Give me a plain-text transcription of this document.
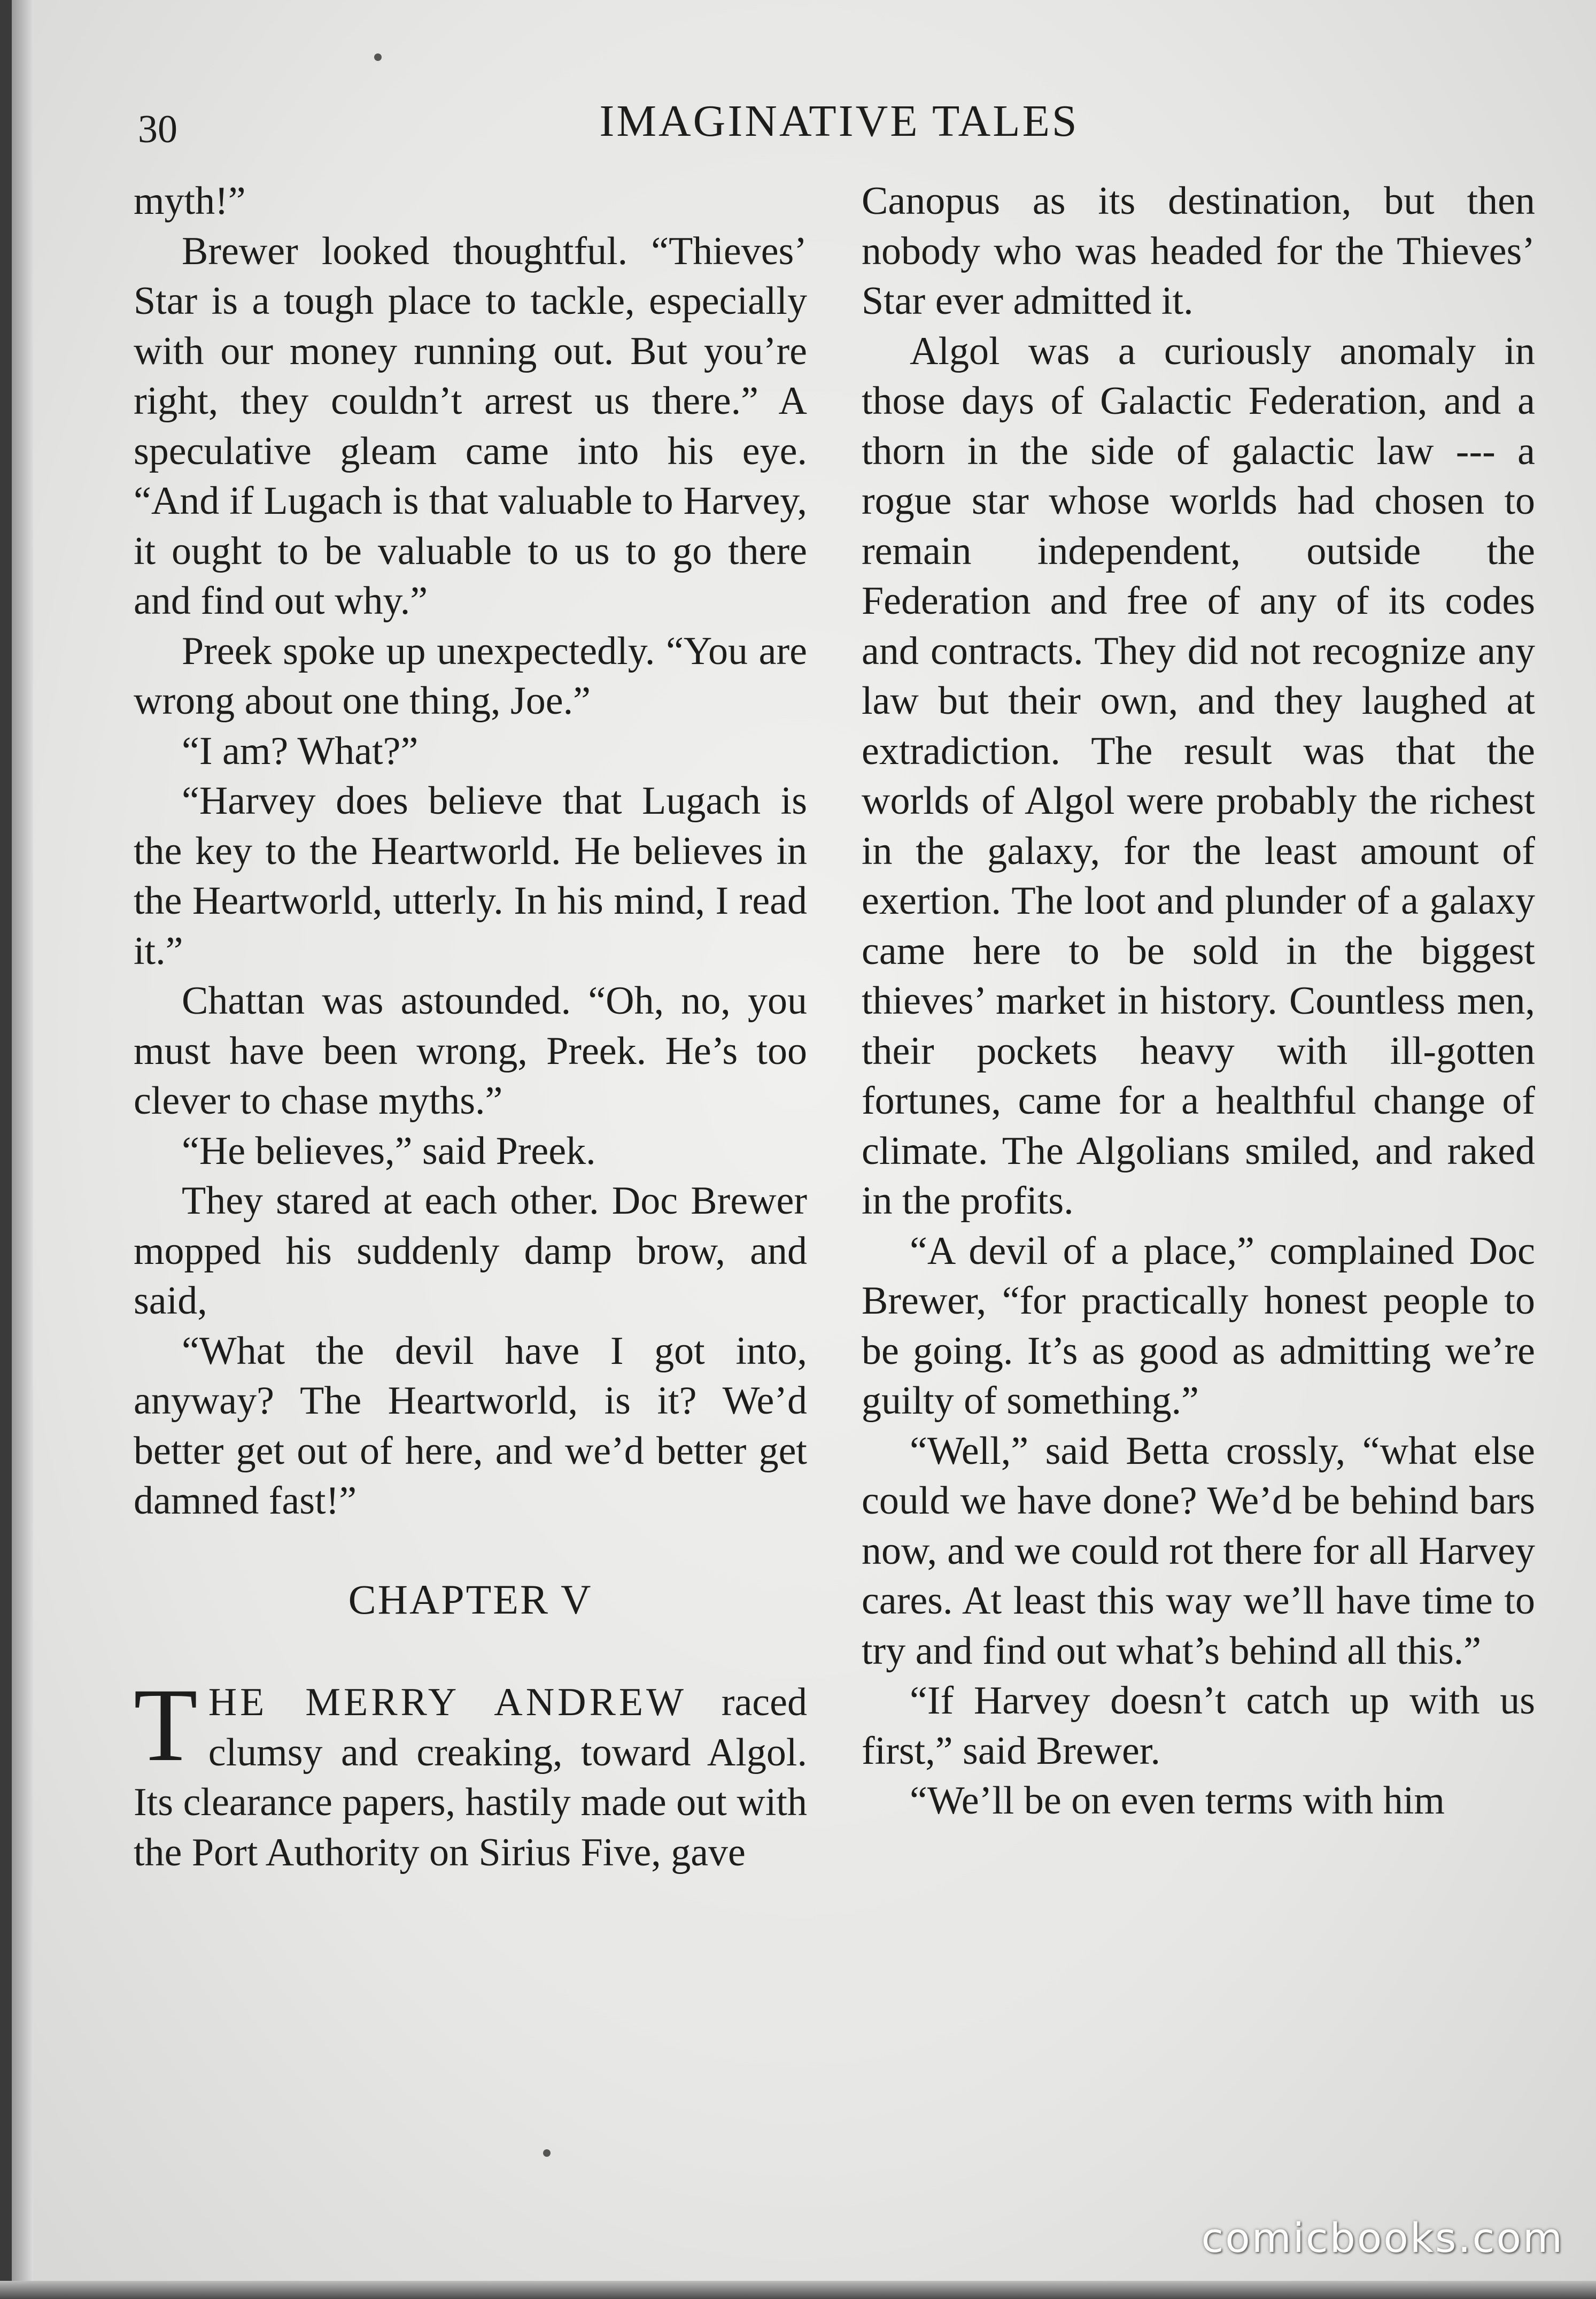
30	IMAGINATIVE TALES

myth!”

Brewer looked thoughtful. “Thieves’ Star is a tough place to tackle, especially with our money running out. But you’re right, they couldn’t arrest us there.” A speculative gleam came into his eye. “And if Lugach is that valuable to Harvey, it ought to be valuable to us to go there and find out why.”

Preek spoke up unexpectedly. “You are wrong about one thing, Joe.”

“I am? What?”

“Harvey does believe that Lugach is the key to the Heartworld. He believes in the Heartworld, utterly. In his mind, I read it.”

Chattan was astounded. “Oh, no, you must have been wrong, Preek. He’s too clever to chase myths.”

“He believes,” said Preek.

They stared at each other. Doc Brewer mopped his suddenly damp brow, and said,

“What the devil have I got into, anyway? The Heartworld, is it? We’d better get out of here, and we’d better get damned fast!”

CHAPTER V

THE MERRY ANDREW raced clumsy and creaking, toward Algol. Its clearance papers, hastily made out with the Port Authority on Sirius Five, gave

Canopus as its destination, but then nobody who was headed for the Thieves’ Star ever admitted it.

Algol was a curiously anomaly in those days of Galactic Federation, and a thorn in the side of galactic law --- a rogue star whose worlds had chosen to remain independent, outside the Federation and free of any of its codes and contracts. They did not recognize any law but their own, and they laughed at extradiction. The result was that the worlds of Algol were probably the richest in the galaxy, for the least amount of exertion. The loot and plunder of a galaxy came here to be sold in the biggest thieves’ market in history. Countless men, their pockets heavy with ill-gotten fortunes, came for a healthful change of climate. The Algolians smiled, and raked in the profits.

“A devil of a place,” complained Doc Brewer, “for practically honest people to be going. It’s as good as admitting we’re guilty of something.”

“Well,” said Betta crossly, “what else could we have done? We’d be behind bars now, and we could rot there for all Harvey cares. At least this way we’ll have time to try and find out what’s behind all this.”

“If Harvey doesn’t catch up with us first,” said Brewer.

“We’ll be on even terms with him

comicbooks.com
